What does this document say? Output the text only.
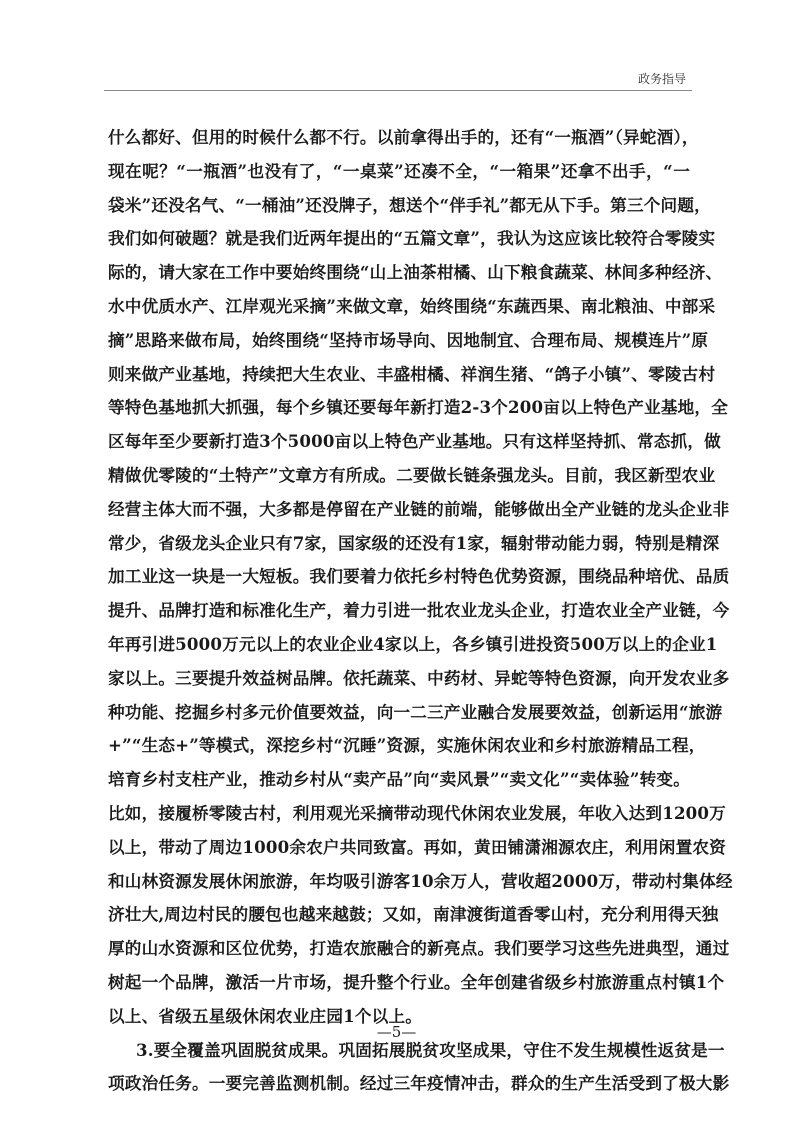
政务指导

什么都好、但用的时候什么都不行。以前拿得出手的，还有“一瓶酒”（异蛇酒），

现在呢？“一瓶酒”也没有了，“一桌菜”还凑不全，“一箱果”还拿不出手，“一

袋米”还没名气、“一桶油”还没牌子，想送个“伴手礼”都无从下手。第三个问题，

我们如何破题？就是我们近两年提出的“五篇文章”，我认为这应该比较符合零陵实

际的，请大家在工作中要始终围绕“山上油茶柑橘、山下粮食蔬菜、林间多种经济、

水中优质水产、江岸观光采摘”来做文章，始终围绕“东蔬西果、南北粮油、中部采

摘”思路来做布局，始终围绕“坚持市场导向、因地制宜、合理布局、规模连片”原

则来做产业基地，持续把大生农业、丰盛柑橘、祥润生猪、“鸽子小镇”、零陵古村

等特色基地抓大抓强，每个乡镇还要每年新打造2-3个200亩以上特色产业基地，全

区每年至少要新打造3个5000亩以上特色产业基地。只有这样坚持抓、常态抓，做

精做优零陵的“土特产”文章方有所成。二要做长链条强龙头。目前，我区新型农业

经营主体大而不强，大多都是停留在产业链的前端，能够做出全产业链的龙头企业非

常少，省级龙头企业只有7家，国家级的还没有1家，辐射带动能力弱，特别是精深

加工业这一块是一大短板。我们要着力依托乡村特色优势资源，围绕品种培优、品质

提升、品牌打造和标准化生产，着力引进一批农业龙头企业，打造农业全产业链，今

年再引进5000万元以上的农业企业4家以上，各乡镇引进投资500万以上的企业1

家以上。三要提升效益树品牌。依托蔬菜、中药材、异蛇等特色资源，向开发农业多

种功能、挖掘乡村多元价值要效益，向一二三产业融合发展要效益，创新运用“旅游

+”“生态+”等模式，深挖乡村“沉睡”资源，实施休闲农业和乡村旅游精品工程，

培育乡村支柱产业，推动乡村从“卖产品”向“卖风景”“卖文化”“卖体验”转变。

比如，接履桥零陵古村，利用观光采摘带动现代休闲农业发展，年收入达到1200万

以上，带动了周边1000余农户共同致富。再如，黄田铺潇湘源农庄，利用闲置农资

和山林资源发展休闲旅游，年均吸引游客10余万人，营收超2000万，带动村集体经

济壮大,周边村民的腰包也越来越鼓；又如，南津渡街道香零山村，充分利用得天独

厚的山水资源和区位优势，打造农旅融合的新亮点。我们要学习这些先进典型，通过

树起一个品牌，激活一片市场，提升整个行业。全年创建省级乡村旅游重点村镇1个

以上、省级五星级休闲农业庄园1个以上。

3.要全覆盖巩固脱贫成果。巩固拓展脱贫攻坚成果，守住不发生规模性返贫是一

项政治任务。一要完善监测机制。经过三年疫情冲击，群众的生产生活受到了极大影

—5—
